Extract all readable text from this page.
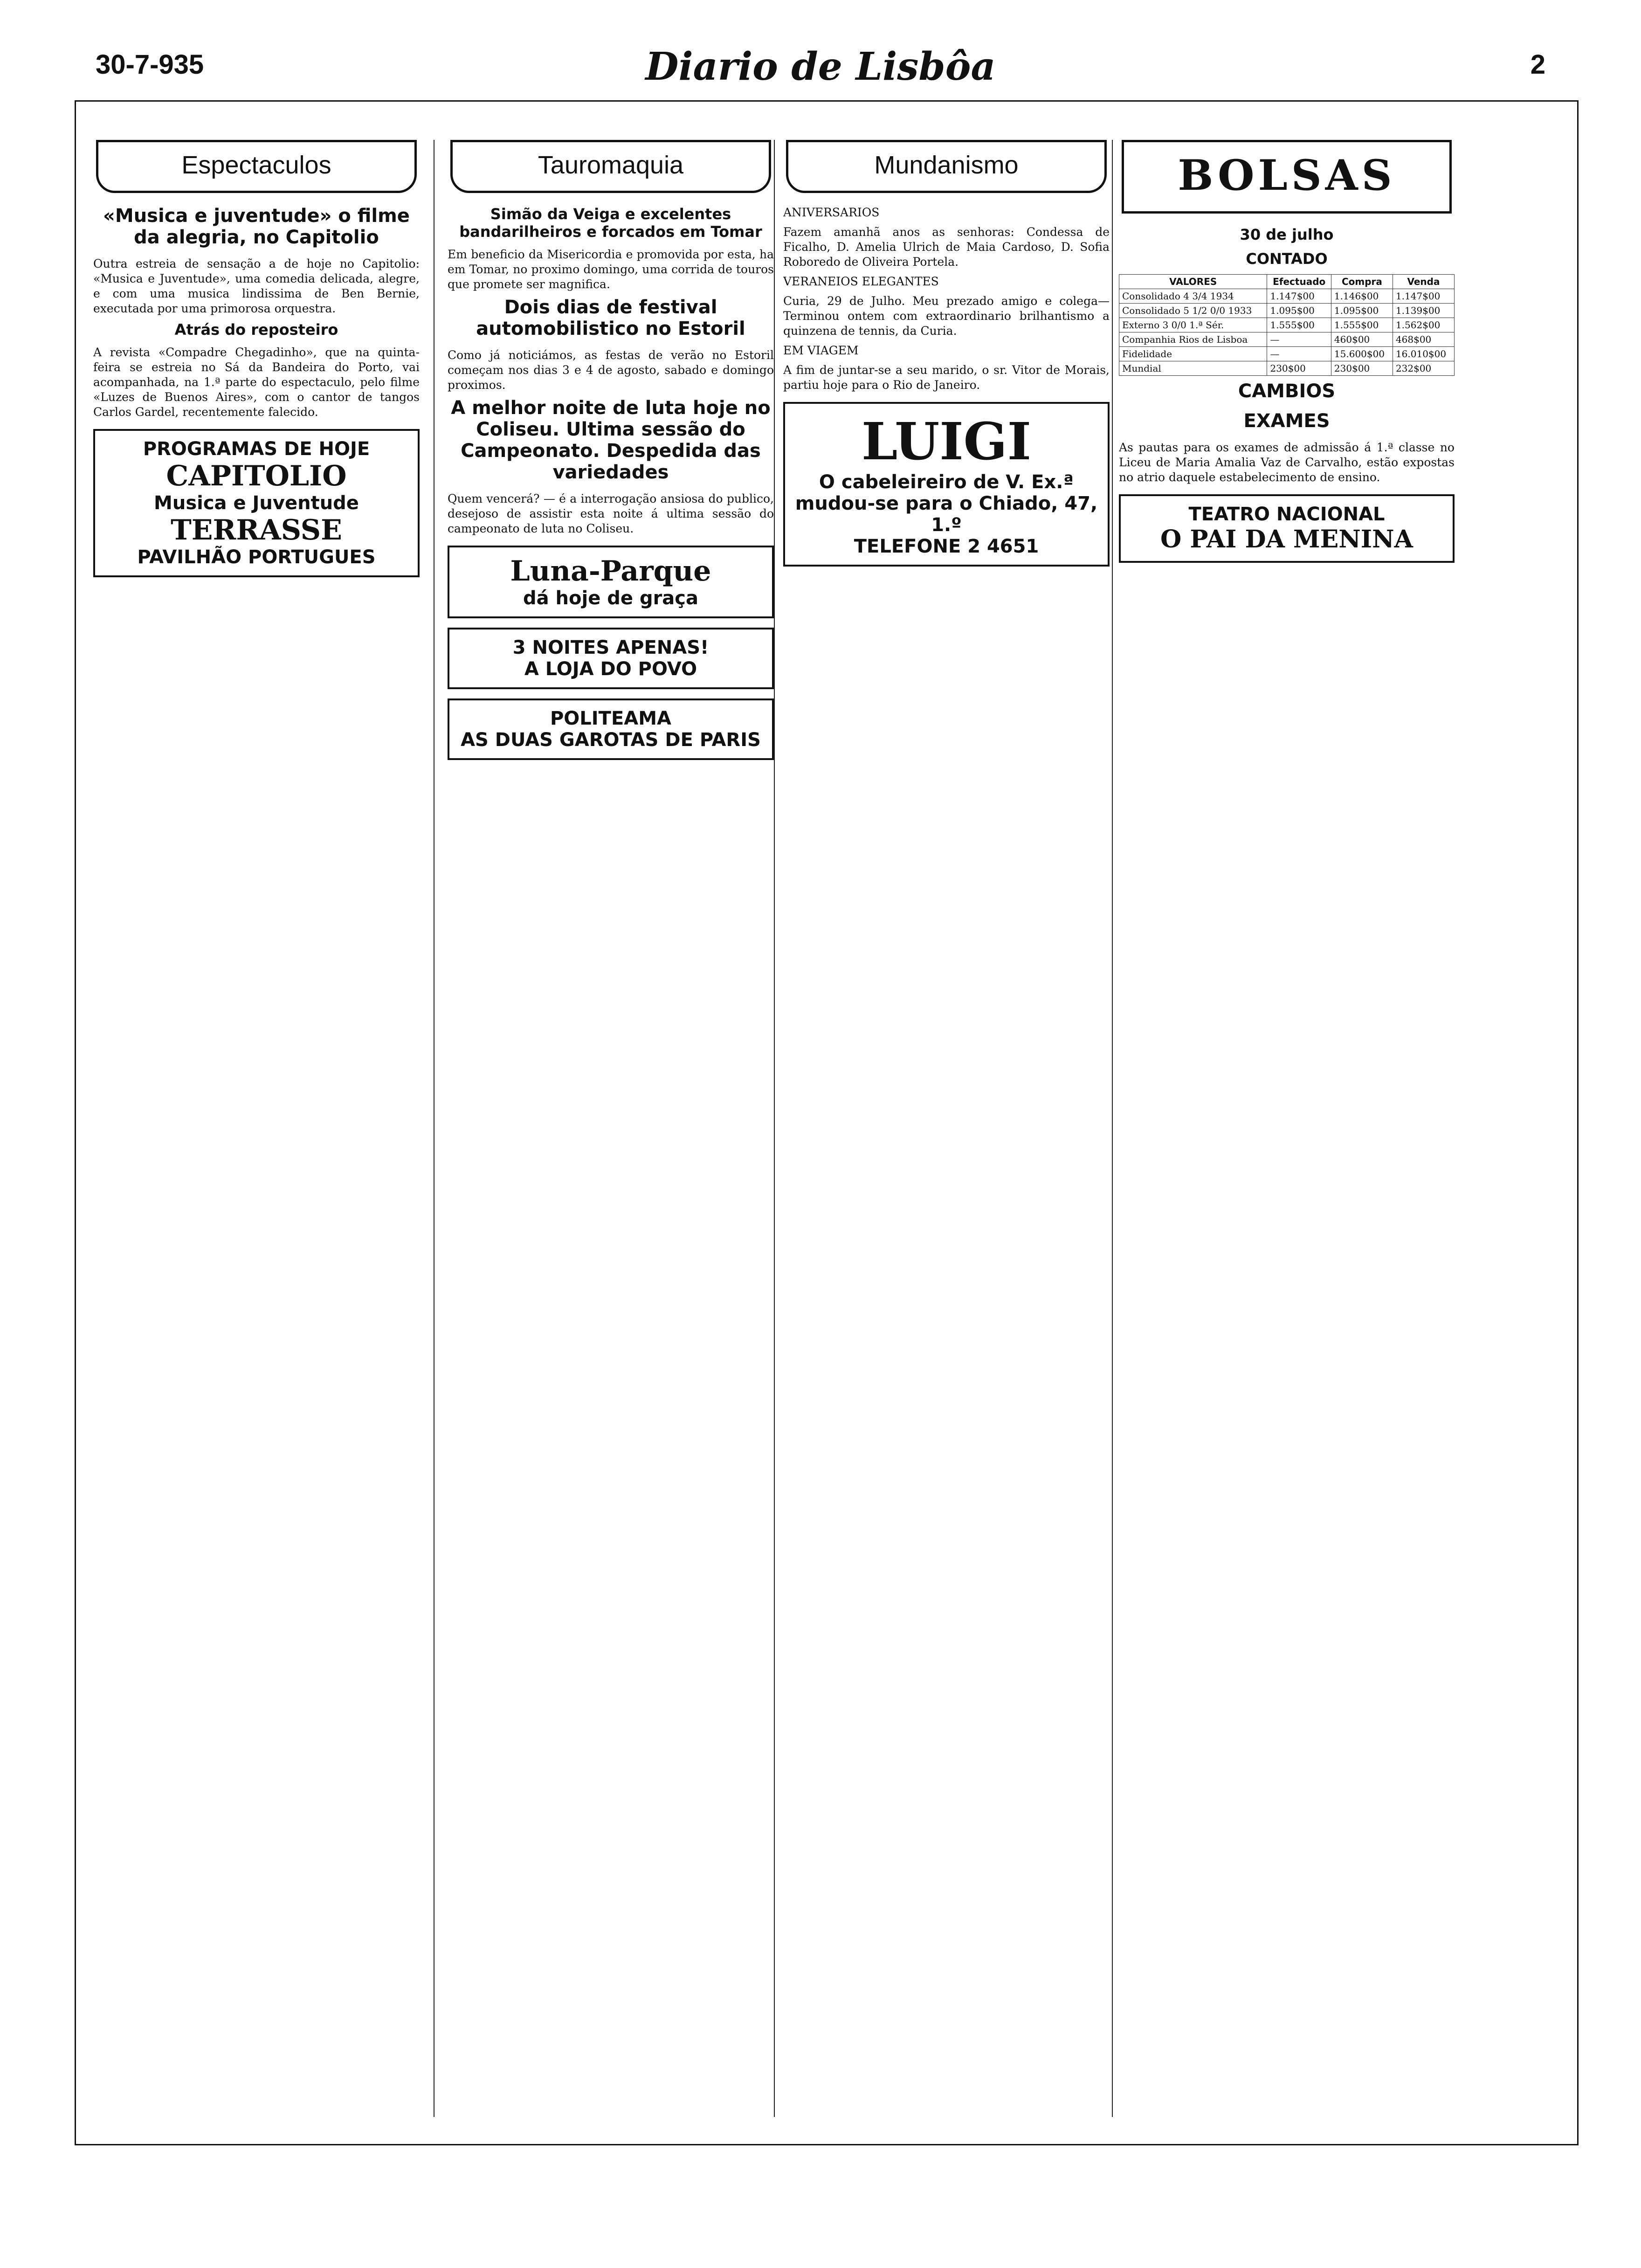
30-7-935	Diario de Lisbôa	2
Espectaculos
«Musica e juventude» o filme da alegria, no Capitolio

Outra estreia de sensação a de hoje no Capitolio: «Musica e Juventude», uma comedia delicada, alegre, e com uma musica lindissima de Ben Bernie, executada por uma primorosa orquestra.

Atrás do reposteiro

A revista «Compadre Chegadinho», que na quinta-feira se estreia no Sá da Bandeira do Porto, vai acompanhada, na 1.ª parte do espectaculo, pelo filme «Luzes de Buenos Aires», com o cantor de tangos Carlos Gardel, recentemente falecido.

PROGRAMAS DE HOJE
CAPITOLIO
Musica e Juventude
TERRASSE
PAVILHÃO PORTUGUES
Tauromaquia
Simão da Veiga e excelentes bandarilheiros e forcados em Tomar

Em beneficio da Misericordia e promovida por esta, ha em Tomar, no proximo domingo, uma corrida de touros que promete ser magnifica.

Dois dias de festival automobilistico no Estoril

Como já noticiámos, as festas de verão no Estoril começam nos dias 3 e 4 de agosto, sabado e domingo proximos.

A melhor noite de luta hoje no Coliseu. Ultima sessão do Campeonato. Despedida das variedades

Quem vencerá? — é a interrogação ansiosa do publico, desejoso de assistir esta noite á ultima sessão do campeonato de luta no Coliseu.

Luna-Parque
dá hoje de graça
3 NOITES APENAS!
A LOJA DO POVO
POLITEAMA
AS DUAS GAROTAS DE PARIS
Mundanismo
ANIVERSARIOS

Fazem amanhã anos as senhoras: Condessa de Ficalho, D. Amelia Ulrich de Maia Cardoso, D. Sofia Roboredo de Oliveira Portela.

VERANEIOS ELEGANTES

Curia, 29 de Julho. Meu prezado amigo e colega—Terminou ontem com extraordinario brilhantismo a quinzena de tennis, da Curia.

EM VIAGEM

A fim de juntar-se a seu marido, o sr. Vitor de Morais, partiu hoje para o Rio de Janeiro.

LUIGI
O cabeleireiro de V. Ex.ª mudou-se para o Chiado, 47, 1.º
TELEFONE 2 4651
BOLSAS
30 de julho
CONTADO
VALORES	Efectuado	Compra	Venda
Consolidado 4 3/4 1934	1.147$00	1.146$00	1.147$00
Consolidado 5 1/2 0/0 1933	1.095$00	1.095$00	1.139$00
Externo 3 0/0 1.ª Sér.	1.555$00	1.555$00	1.562$00
Companhia Rios de Lisboa	—	460$00	468$00
Fidelidade	—	15.600$00	16.010$00
Mundial	230$00	230$00	232$00
CAMBIOS
EXAMES

As pautas para os exames de admissão á 1.ª classe no Liceu de Maria Amalia Vaz de Carvalho, estão expostas no atrio daquele estabelecimento de ensino.

TEATRO NACIONAL
O PAI DA MENINA
